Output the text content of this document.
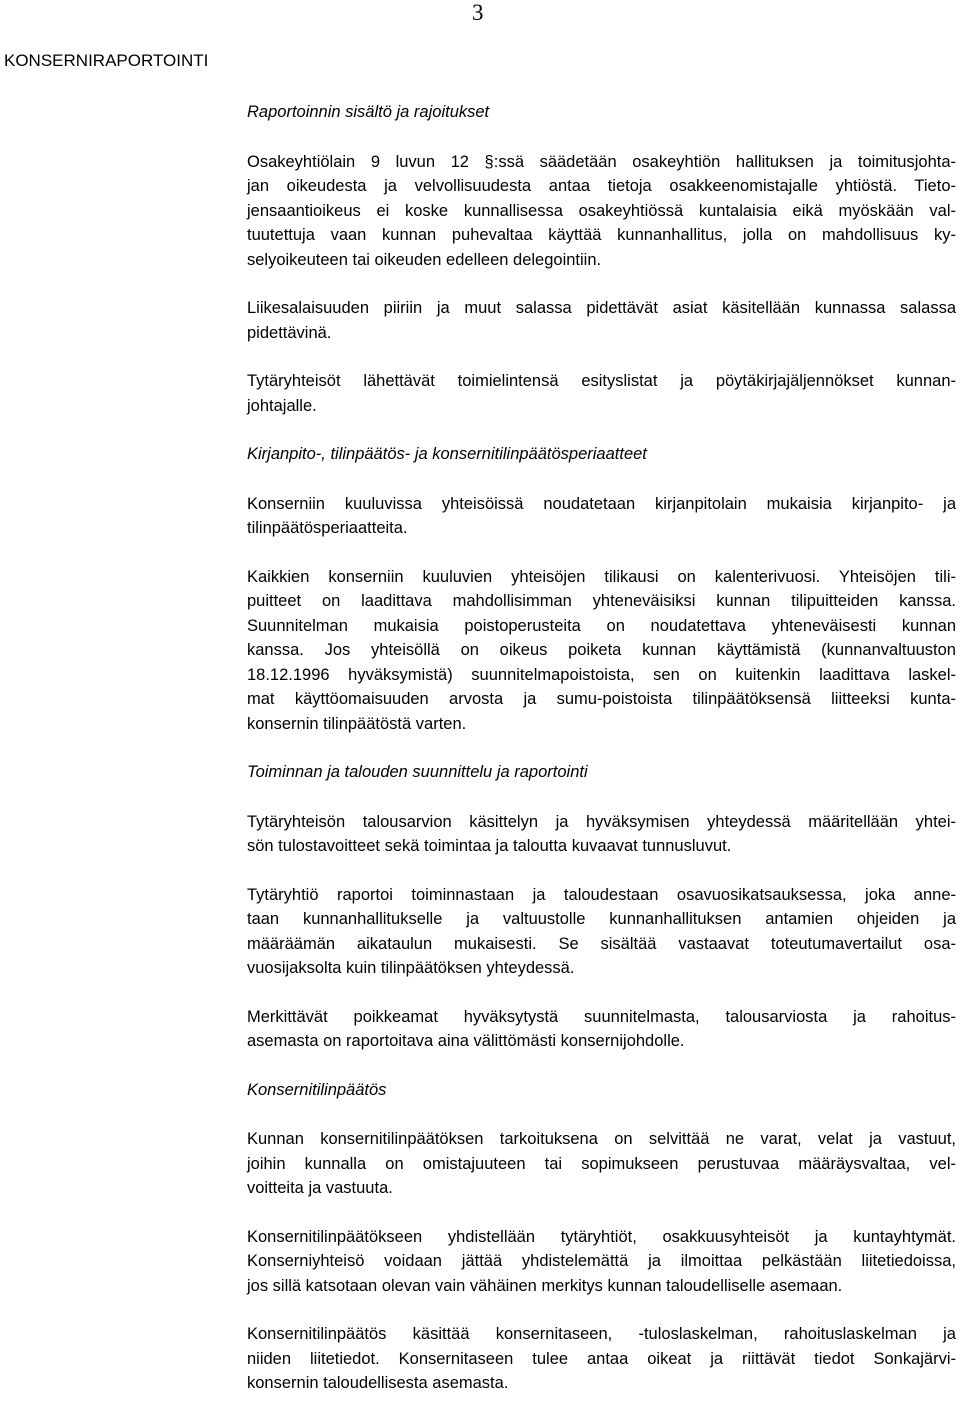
3
KONSERNIRAPORTOINTI
Raportoinnin sisältö ja rajoitukset
Osakeyhtiölain 9 luvun 12 §:ssä säädetään osakeyhtiön hallituksen ja toimitusjohta-
jan oikeudesta ja velvollisuudesta antaa tietoja osakkeenomistajalle yhtiöstä. Tieto-
jensaantioikeus ei koske kunnallisessa osakeyhtiössä kuntalaisia eikä myöskään val-
tuutettuja vaan kunnan puhevaltaa käyttää kunnanhallitus, jolla on mahdollisuus ky-
selyoikeuteen tai oikeuden edelleen delegointiin.
Liikesalaisuuden piiriin ja muut salassa pidettävät asiat käsitellään kunnassa salassa
pidettävinä.
Tytäryhteisöt lähettävät toimielintensä esityslistat ja pöytäkirjajäljennökset kunnan-
johtajalle.
Kirjanpito-, tilinpäätös- ja konsernitilinpäätösperiaatteet
Konserniin kuuluvissa yhteisöissä noudatetaan kirjanpitolain mukaisia kirjanpito- ja
tilinpäätösperiaatteita.
Kaikkien konserniin kuuluvien yhteisöjen tilikausi on kalenterivuosi. Yhteisöjen tili-
puitteet on laadittava mahdollisimman yhteneväisiksi kunnan tilipuitteiden kanssa.
Suunnitelman mukaisia poistoperusteita on noudatettava yhteneväisesti kunnan
kanssa. Jos yhteisöllä on oikeus poiketa kunnan käyttämistä (kunnanvaltuuston
18.12.1996 hyväksymistä) suunnitelmapoistoista, sen on kuitenkin laadittava laskel-
mat käyttöomaisuuden arvosta ja sumu-poistoista tilinpäätöksensä liitteeksi kunta-
konsernin tilinpäätöstä varten.
Toiminnan ja talouden suunnittelu ja raportointi
Tytäryhteisön talousarvion käsittelyn ja hyväksymisen yhteydessä määritellään yhtei-
sön tulostavoitteet sekä toimintaa ja taloutta kuvaavat tunnusluvut.
Tytäryhtiö raportoi toiminnastaan ja taloudestaan osavuosikatsauksessa, joka anne-
taan kunnanhallitukselle ja valtuustolle kunnanhallituksen antamien ohjeiden ja
määräämän aikataulun mukaisesti. Se sisältää vastaavat toteutumavertailut osa-
vuosijaksolta kuin tilinpäätöksen yhteydessä.
Merkittävät poikkeamat hyväksytystä suunnitelmasta, talousarviosta ja rahoitus-
asemasta on raportoitava aina välittömästi konsernijohdolle.
Konsernitilinpäätös
Kunnan konsernitilinpäätöksen tarkoituksena on selvittää ne varat, velat ja vastuut,
joihin kunnalla on omistajuuteen tai sopimukseen perustuvaa määräysvaltaa, vel-
voitteita ja vastuuta.
Konsernitilinpäätökseen yhdistellään tytäryhtiöt, osakkuusyhteisöt ja kuntayhtymät.
Konserniyhteisö voidaan jättää yhdistelemättä ja ilmoittaa pelkästään liitetiedoissa,
jos sillä katsotaan olevan vain vähäinen merkitys kunnan taloudelliselle asemaan.
Konsernitilinpäätös käsittää konsernitaseen, -tuloslaskelman, rahoituslaskelman ja
niiden liitetiedot. Konsernitaseen tulee antaa oikeat ja riittävät tiedot Sonkajärvi-
konsernin taloudellisesta asemasta.
